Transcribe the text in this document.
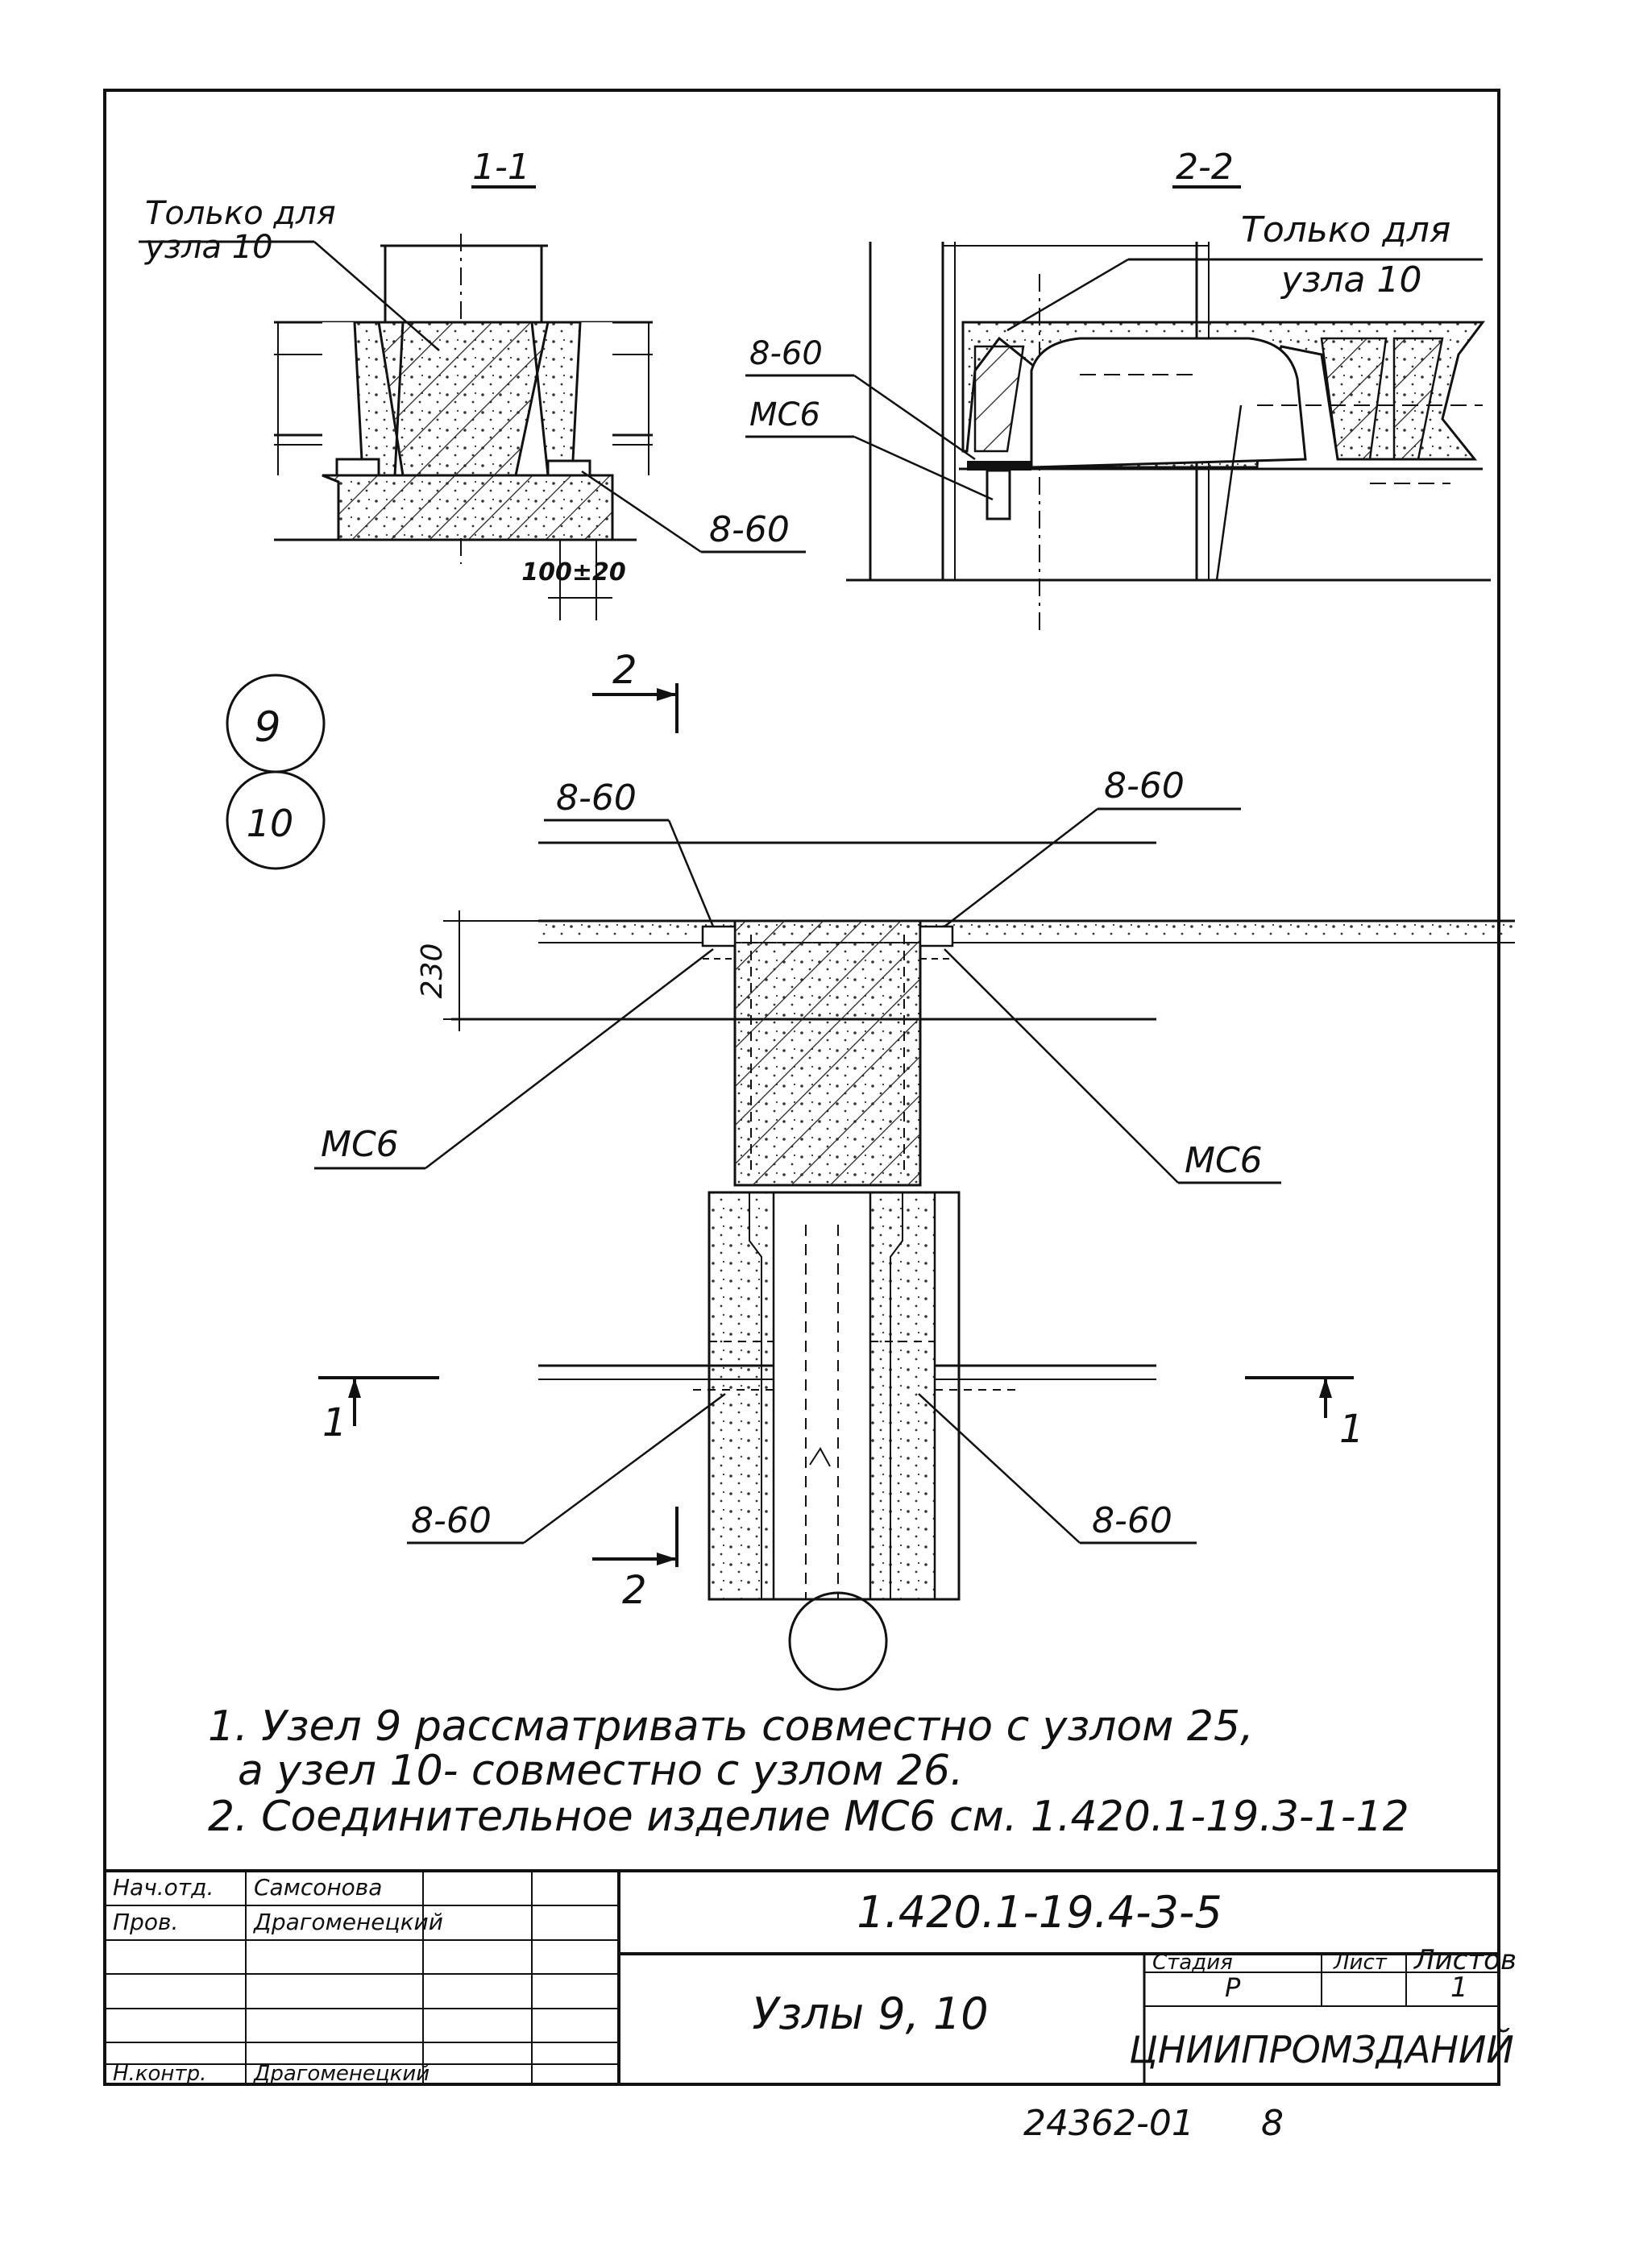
1-1
100±20
Только для
узла 10
8-60
2-2
Только для
узла 10
8-60
МС6
9
10
2
230
1	1
2
8-60	8-60
МС6	МС6
8-60	8-60
1. Узел 9 рассматривать совместно с узлом 25,
а узел 10- совместно с узлом 26.
2. Соединительное изделие МС6 см. 1.420.1-19.3-1-12
Нач.отд. Самсонова
Пров.	Драгоменецкий
Н.контр. Драгоменецкий
1.420.1-19.4-3-5
Узлы 9, 10
Стадия	Лист Листов
Р	1
ЦНИИПРОМЗДАНИЙ
24362-01 8
